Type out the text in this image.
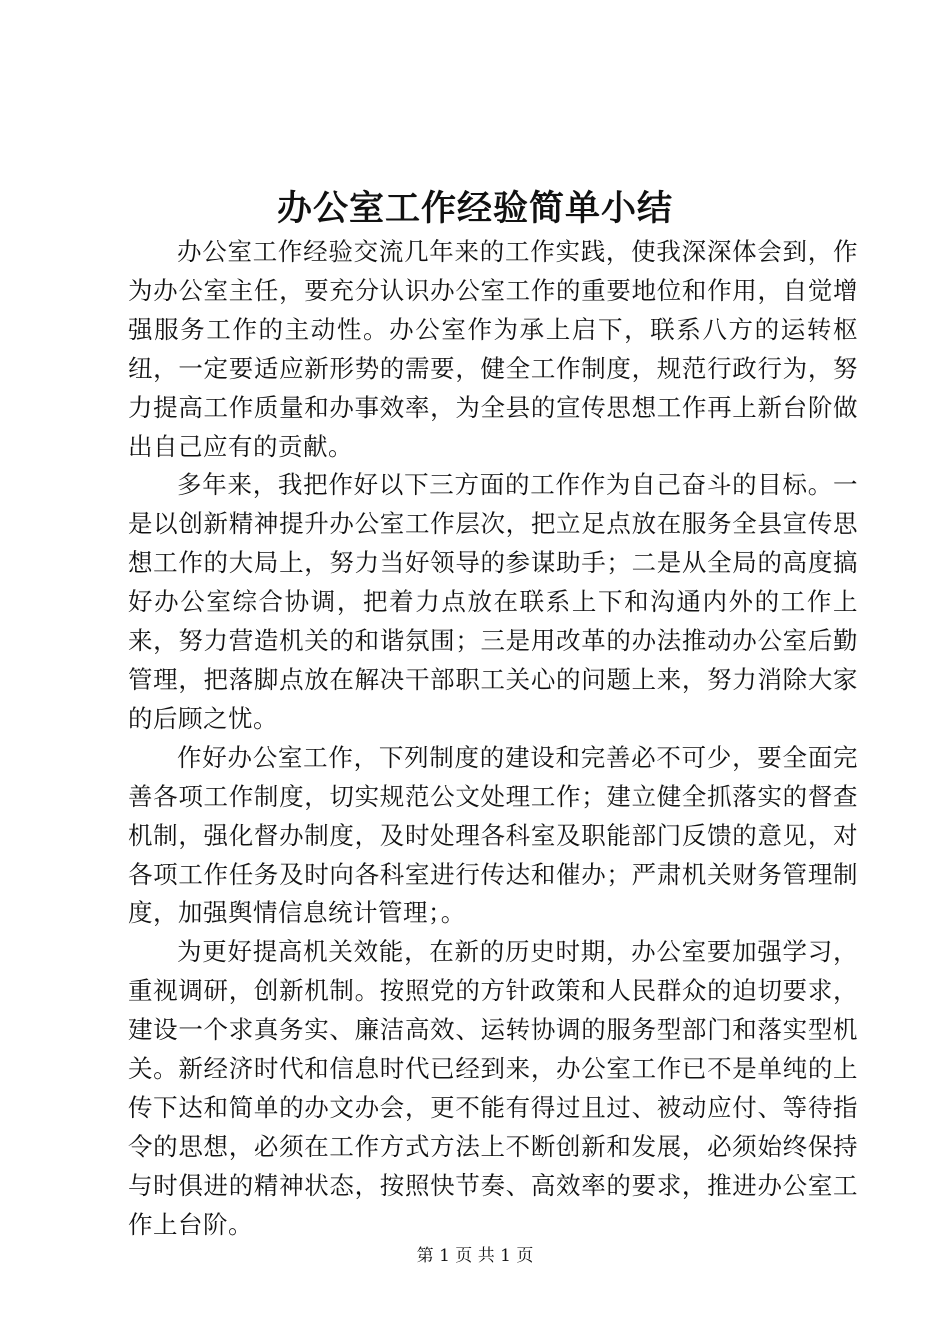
办公室工作经验简单小结

办公室工作经验交流几年来的工作实践，使我深深体会到，作为办公室主任，要充分认识办公室工作的重要地位和作用，自觉增强服务工作的主动性。办公室作为承上启下，联系八方的运转枢纽，一定要适应新形势的需要，健全工作制度，规范行政行为，努力提高工作质量和办事效率，为全县的宣传思想工作再上新台阶做出自己应有的贡献。

多年来，我把作好以下三方面的工作作为自己奋斗的目标。一是以创新精神提升办公室工作层次，把立足点放在服务全县宣传思想工作的大局上，努力当好领导的参谋助手；二是从全局的高度搞好办公室综合协调，把着力点放在联系上下和沟通内外的工作上来，努力营造机关的和谐氛围；三是用改革的办法推动办公室后勤管理，把落脚点放在解决干部职工关心的问题上来，努力消除大家的后顾之忧。

作好办公室工作，下列制度的建设和完善必不可少，要全面完善各项工作制度，切实规范公文处理工作；建立健全抓落实的督查机制，强化督办制度，及时处理各科室及职能部门反馈的意见，对各项工作任务及时向各科室进行传达和催办；严肃机关财务管理制度，加强舆情信息统计管理；。

为更好提高机关效能，在新的历史时期，办公室要加强学习，重视调研，创新机制。按照党的方针政策和人民群众的迫切要求，建设一个求真务实、廉洁高效、运转协调的服务型部门和落实型机关。新经济时代和信息时代已经到来，办公室工作已不是单纯的上传下达和简单的办文办会，更不能有得过且过、被动应付、等待指令的思想，必须在工作方式方法上不断创新和发展，必须始终保持与时俱进的精神状态，按照快节奏、高效率的要求，推进办公室工作上台阶。

第 1 页 共 1 页
